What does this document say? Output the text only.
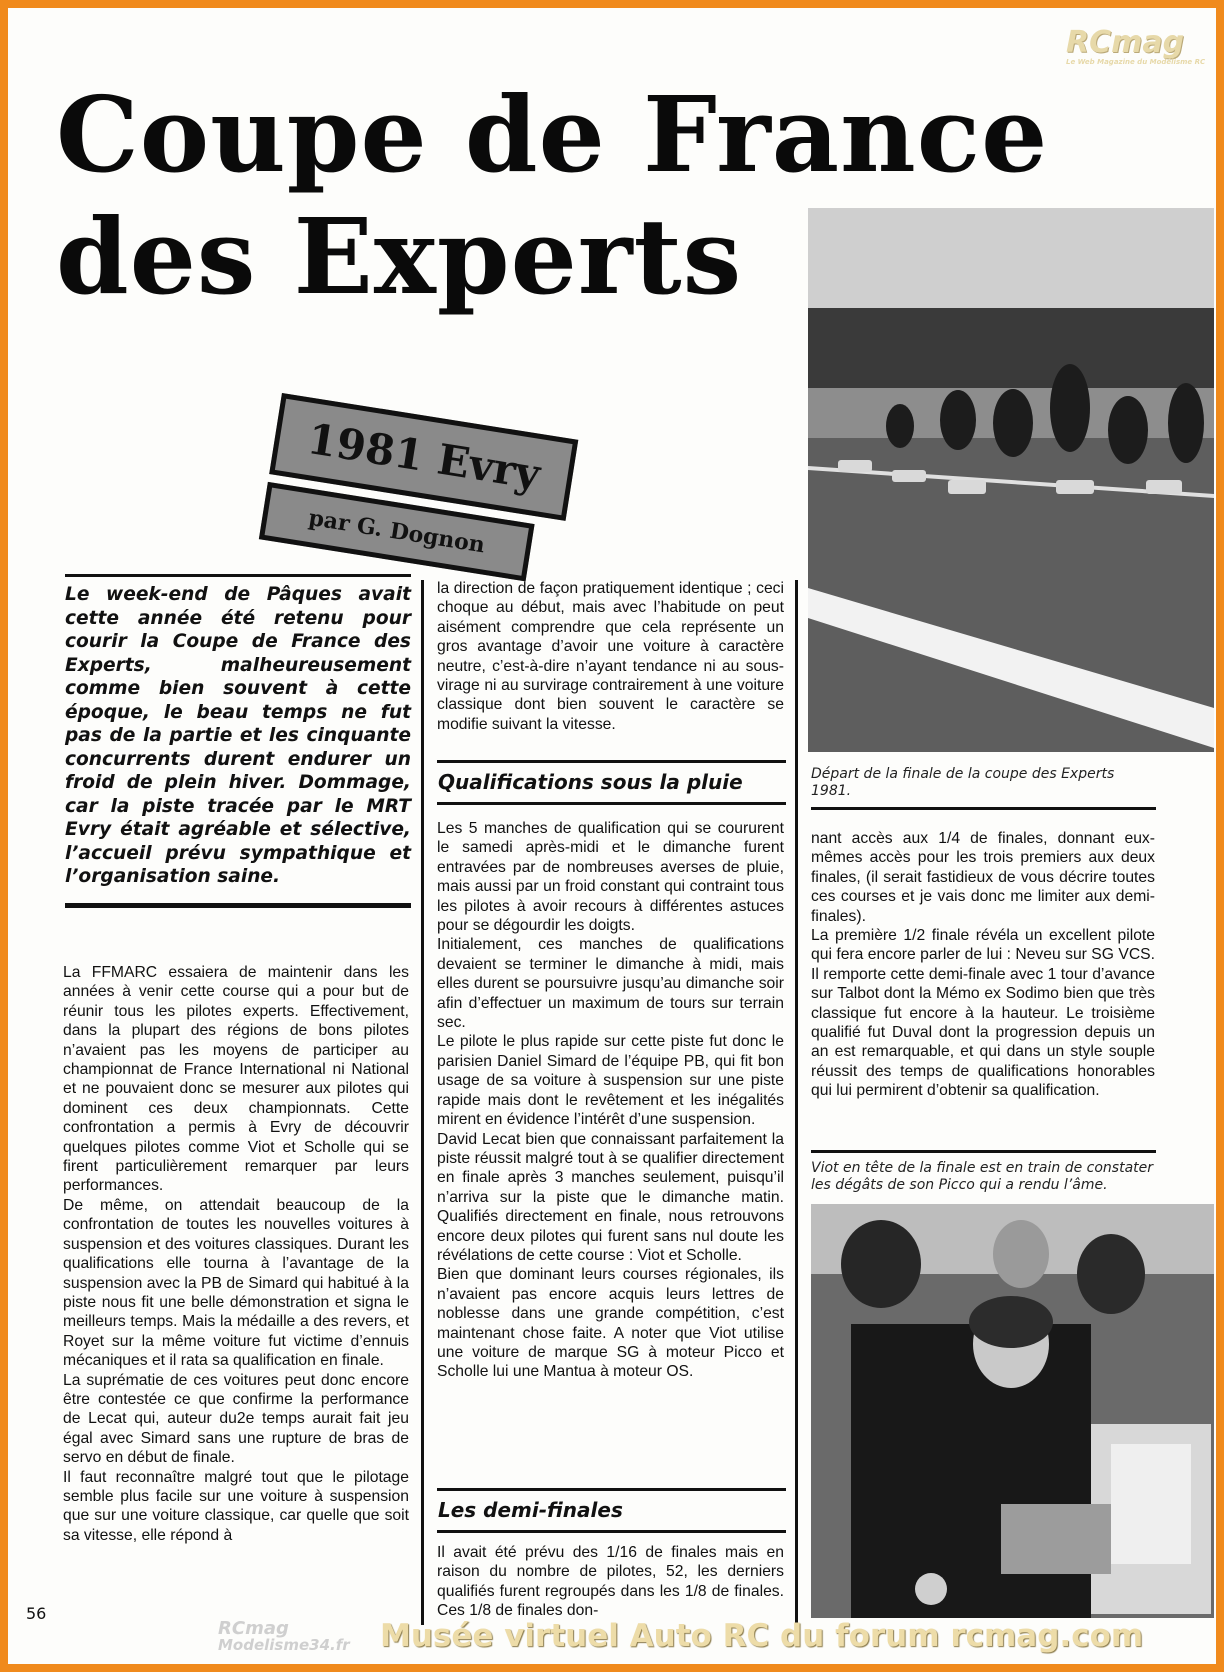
RCmag
Le Web Magazine du Modélisme RC
Coupe de France
des Experts
1981 Evry
par G. Dognon
Départ de la finale de la coupe des Experts 1981.
Le week-end de Pâques avait cette année été retenu pour courir la Coupe de France des Experts, malheureusement comme bien souvent à cette époque, le beau temps ne fut pas de la partie et les cinquante concurrents durent endurer un froid de plein hiver. Dommage, car la piste tracée par le MRT Evry était agréable et sélective, l’accueil prévu sympathique et l’organisation saine.

La FFMARC essaiera de maintenir dans les années à venir cette course qui a pour but de réunir tous les pilotes experts. Effectivement, dans la plupart des régions de bons pilotes n’avaient pas les moyens de participer au championnat de France International ni National et ne pouvaient donc se mesurer aux pilotes qui dominent ces deux championnats. Cette confrontation a permis à Evry de découvrir quelques pilotes comme Viot et Scholle qui se firent particulièrement remarquer par leurs performances.

De même, on attendait beaucoup de la confrontation de toutes les nouvelles voitures à suspension et des voitures classiques. Durant les qualifications elle tourna à l’avantage de la suspension avec la PB de Simard qui habitué à la piste nous fit une belle démonstration et signa le meilleurs temps. Mais la médaille a des revers, et Royet sur la même voiture fut victime d’ennuis mécaniques et il rata sa qualification en finale.

La suprématie de ces voitures peut donc encore être contestée ce que confirme la performance de Lecat qui, auteur du2e temps aurait fait jeu égal avec Simard sans une rupture de bras de servo en début de finale.

Il faut reconnaître malgré tout que le pilotage semble plus facile sur une voiture à suspension que sur une voiture classique, car quelle que soit sa vitesse, elle répond à

la direction de façon pratiquement identique ; ceci choque au début, mais avec l’habitude on peut aisément comprendre que cela représente un gros avantage d’avoir une voiture à caractère neutre, c’est-à-dire n’ayant tendance ni au sous-virage ni au survirage contrairement à une voiture classique dont bien souvent le caractère se modifie suivant la vitesse.

Qualifications sous la pluie

Les 5 manches de qualification qui se coururent le samedi après-midi et le dimanche furent entravées par de nombreuses averses de pluie, mais aussi par un froid constant qui contraint tous les pilotes à avoir recours à différentes astuces pour se dégourdir les doigts.

Initialement, ces manches de qualifications devaient se terminer le dimanche à midi, mais elles durent se poursuivre jusqu’au dimanche soir afin d’effectuer un maximum de tours sur terrain sec.

Le pilote le plus rapide sur cette piste fut donc le parisien Daniel Simard de l’équipe PB, qui fit bon usage de sa voiture à suspension sur une piste rapide mais dont le revêtement et les inégalités mirent en évidence l’intérêt d’une suspension.

David Lecat bien que connaissant parfaitement la piste réussit malgré tout à se qualifier directement en finale après 3 manches seulement, puisqu’il n’arriva sur la piste que le dimanche matin. Qualifiés directement en finale, nous retrouvons encore deux pilotes qui furent sans nul doute les révélations de cette course : Viot et Scholle.

Bien que dominant leurs courses régionales, ils n’avaient pas encore acquis leurs lettres de noblesse dans une grande compétition, c’est maintenant chose faite. A noter que Viot utilise une voiture de marque SG à moteur Picco et Scholle lui une Mantua à moteur OS.

Les demi-finales

Il avait été prévu des 1/16 de finales mais en raison du nombre de pilotes, 52, les derniers qualifiés furent regroupés dans les 1/8 de finales. Ces 1/8 de finales don-

nant accès aux 1/4 de finales, donnant eux-mêmes accès pour les trois premiers aux deux finales, (il serait fastidieux de vous décrire toutes ces courses et je vais donc me limiter aux demi-finales).

La première 1/2 finale révéla un excellent pilote qui fera encore parler de lui : Neveu sur SG VCS. Il remporte cette demi-finale avec 1 tour d’avance sur Talbot dont la Mémo ex Sodimo bien que très classique fut encore à la hauteur. Le troisième qualifié fut Duval dont la progression depuis un an est remarquable, et qui dans un style souple réussit des temps de qualifications honorables qui lui permirent d’obtenir sa qualification.

Viot en tête de la finale est en train de constater les dégâts de son Picco qui a rendu l’âme.
56
RCmag
Modelisme34.fr Musée virtuel Auto RC du forum rcmag.com
